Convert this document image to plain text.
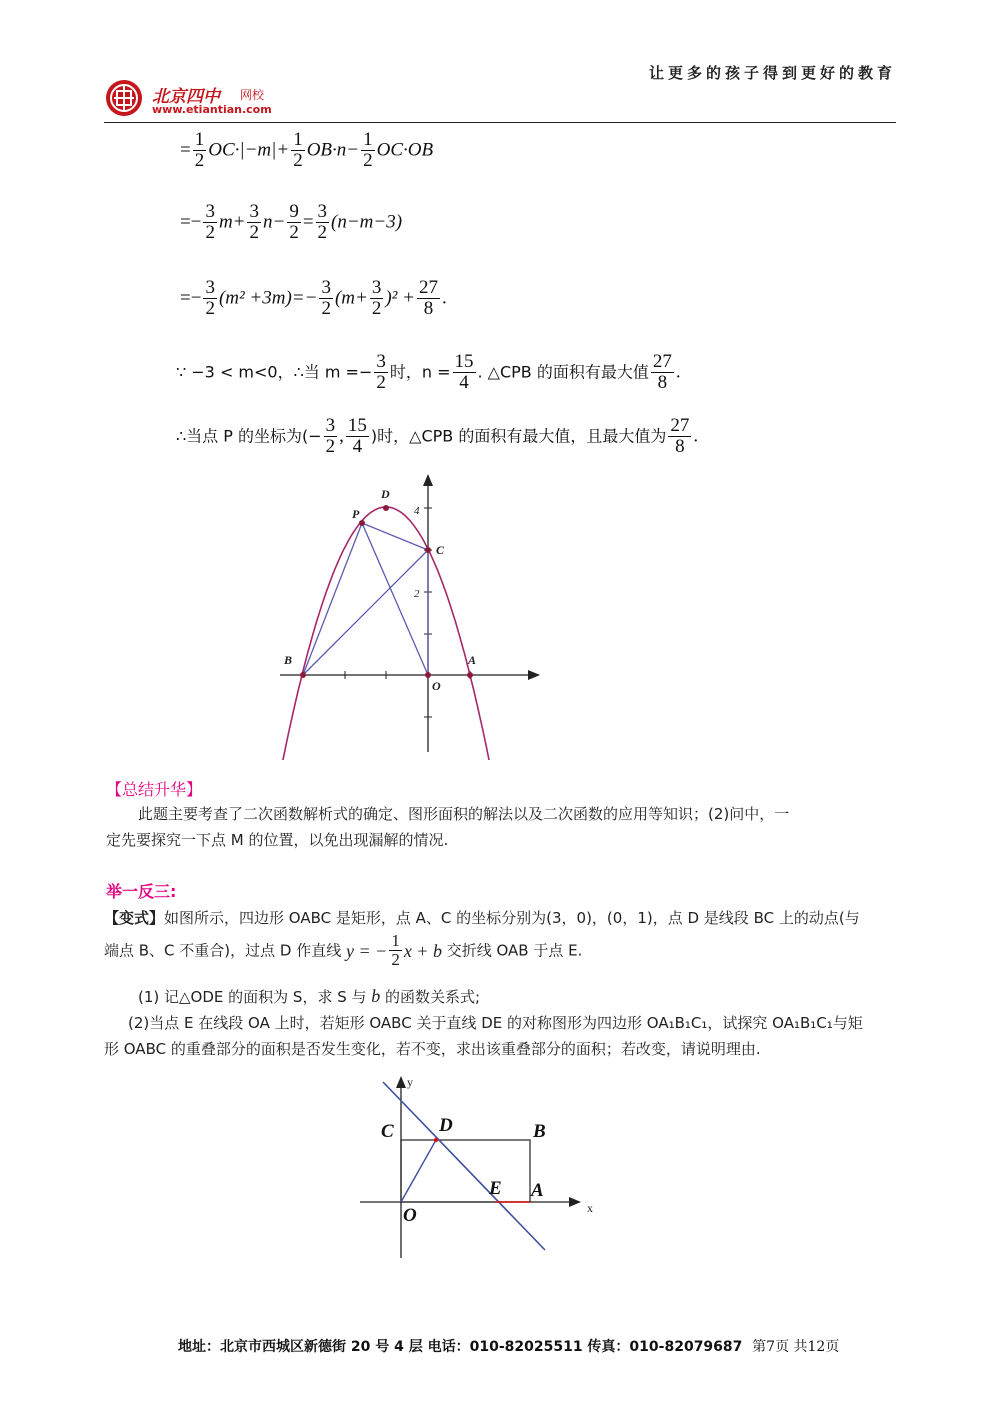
让更多的孩子得到更好的教育
北京四中 网校
www.etiantian.com
= $\frac{1}{2} OC\cdot|-m|+ \frac{1}{2} OB\cdot n- \frac{1}{2} OC\cdot OB$
=− $\frac{3}{2} m+ \frac{3}{2} n- \frac{9}{2} = \frac{3}{2} (n-m-3)$
=− $\frac{3}{2} (m^2 +3m)=- \frac{3}{2} (m+ \frac{3}{2} )^2 + \frac{27}{8}$ .
∵ −3 < m<0，∴当 $m =- \frac{3}{2}$ 时，$n = \frac{15}{4}$ . △CPB 的面积有最大值 $\frac{27}{8}$ .
∴当点 P 的坐标为(− $\frac{3}{2}$ , $\frac{15}{4}$ )时，△CPB 的面积有最大值，且最大值为 $\frac{27}{8}$ .
P
D
C
B	A
O
4
2
【总结升华】
此题主要考查了二次函数解析式的确定、图形面积的解法以及二次函数的应用等知识；(2)问中，一
定先要探究一下点 M 的位置，以免出现漏解的情况.
举一反三:
【变式】如图所示，四边形 OABC 是矩形，点 A、C 的坐标分别为(3，0)，(0，1)，点 D 是线段 BC 上的动点(与
端点 B、C 不重合)，过点 D 作直线 y = − $\frac{1}{2}$ x + b 交折线 OAB 于点 E.
(1) 记△ODE 的面积为 S，求 S 与 b 的函数关系式;
(2)当点 E 在线段 OA 上时，若矩形 OABC 关于直线 DE 的对称图形为四边形 OA₁B₁C₁，试探究 OA₁B₁C₁与矩
形 OABC 的重叠部分的面积是否发生变化，若不变，求出该重叠部分的面积；若改变，请说明理由.
C D	B
E A
O	x
y
地址：北京市西城区新德街 20 号 4 层 电话：010-82025511 传真：010-82079687 第7页 共12页
